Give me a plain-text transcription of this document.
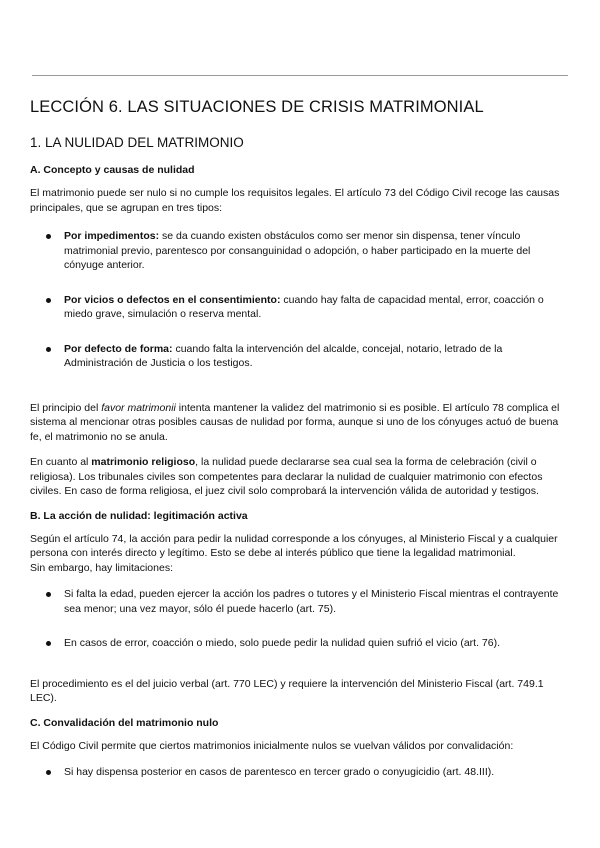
LECCIÓN 6. LAS SITUACIONES DE CRISIS MATRIMONIAL
1. LA NULIDAD DEL MATRIMONIO
A. Concepto y causas de nulidad

El matrimonio puede ser nulo si no cumple los requisitos legales. El artículo 73 del Código Civil recoge las causas principales, que se agrupan en tres tipos:

Por impedimentos: se da cuando existen obstáculos como ser menor sin dispensa, tener vínculo matrimonial previo, parentesco por consanguinidad o adopción, o haber participado en la muerte del cónyuge anterior.
Por vicios o defectos en el consentimiento: cuando hay falta de capacidad mental, error, coacción o miedo grave, simulación o reserva mental.
Por defecto de forma: cuando falta la intervención del alcalde, concejal, notario, letrado de la Administración de Justicia o los testigos.

El principio del favor matrimonii intenta mantener la validez del matrimonio si es posible. El artículo 78 complica el sistema al mencionar otras posibles causas de nulidad por forma, aunque si uno de los cónyuges actuó de buena fe, el matrimonio no se anula.

En cuanto al matrimonio religioso, la nulidad puede declararse sea cual sea la forma de celebración (civil o religiosa). Los tribunales civiles son competentes para declarar la nulidad de cualquier matrimonio con efectos civiles. En caso de forma religiosa, el juez civil solo comprobará la intervención válida de autoridad y testigos.

B. La acción de nulidad: legitimación activa

Según el artículo 74, la acción para pedir la nulidad corresponde a los cónyuges, al Ministerio Fiscal y a cualquier persona con interés directo y legítimo. Esto se debe al interés público que tiene la legalidad matrimonial.
Sin embargo, hay limitaciones:

Si falta la edad, pueden ejercer la acción los padres o tutores y el Ministerio Fiscal mientras el contrayente sea menor; una vez mayor, sólo él puede hacerlo (art. 75).
En casos de error, coacción o miedo, solo puede pedir la nulidad quien sufrió el vicio (art. 76).

El procedimiento es el del juicio verbal (art. 770 LEC) y requiere la intervención del Ministerio Fiscal (art. 749.1 LEC).

C. Convalidación del matrimonio nulo

El Código Civil permite que ciertos matrimonios inicialmente nulos se vuelvan válidos por convalidación:

Si hay dispensa posterior en casos de parentesco en tercer grado o conyugicidio (art. 48.III).
